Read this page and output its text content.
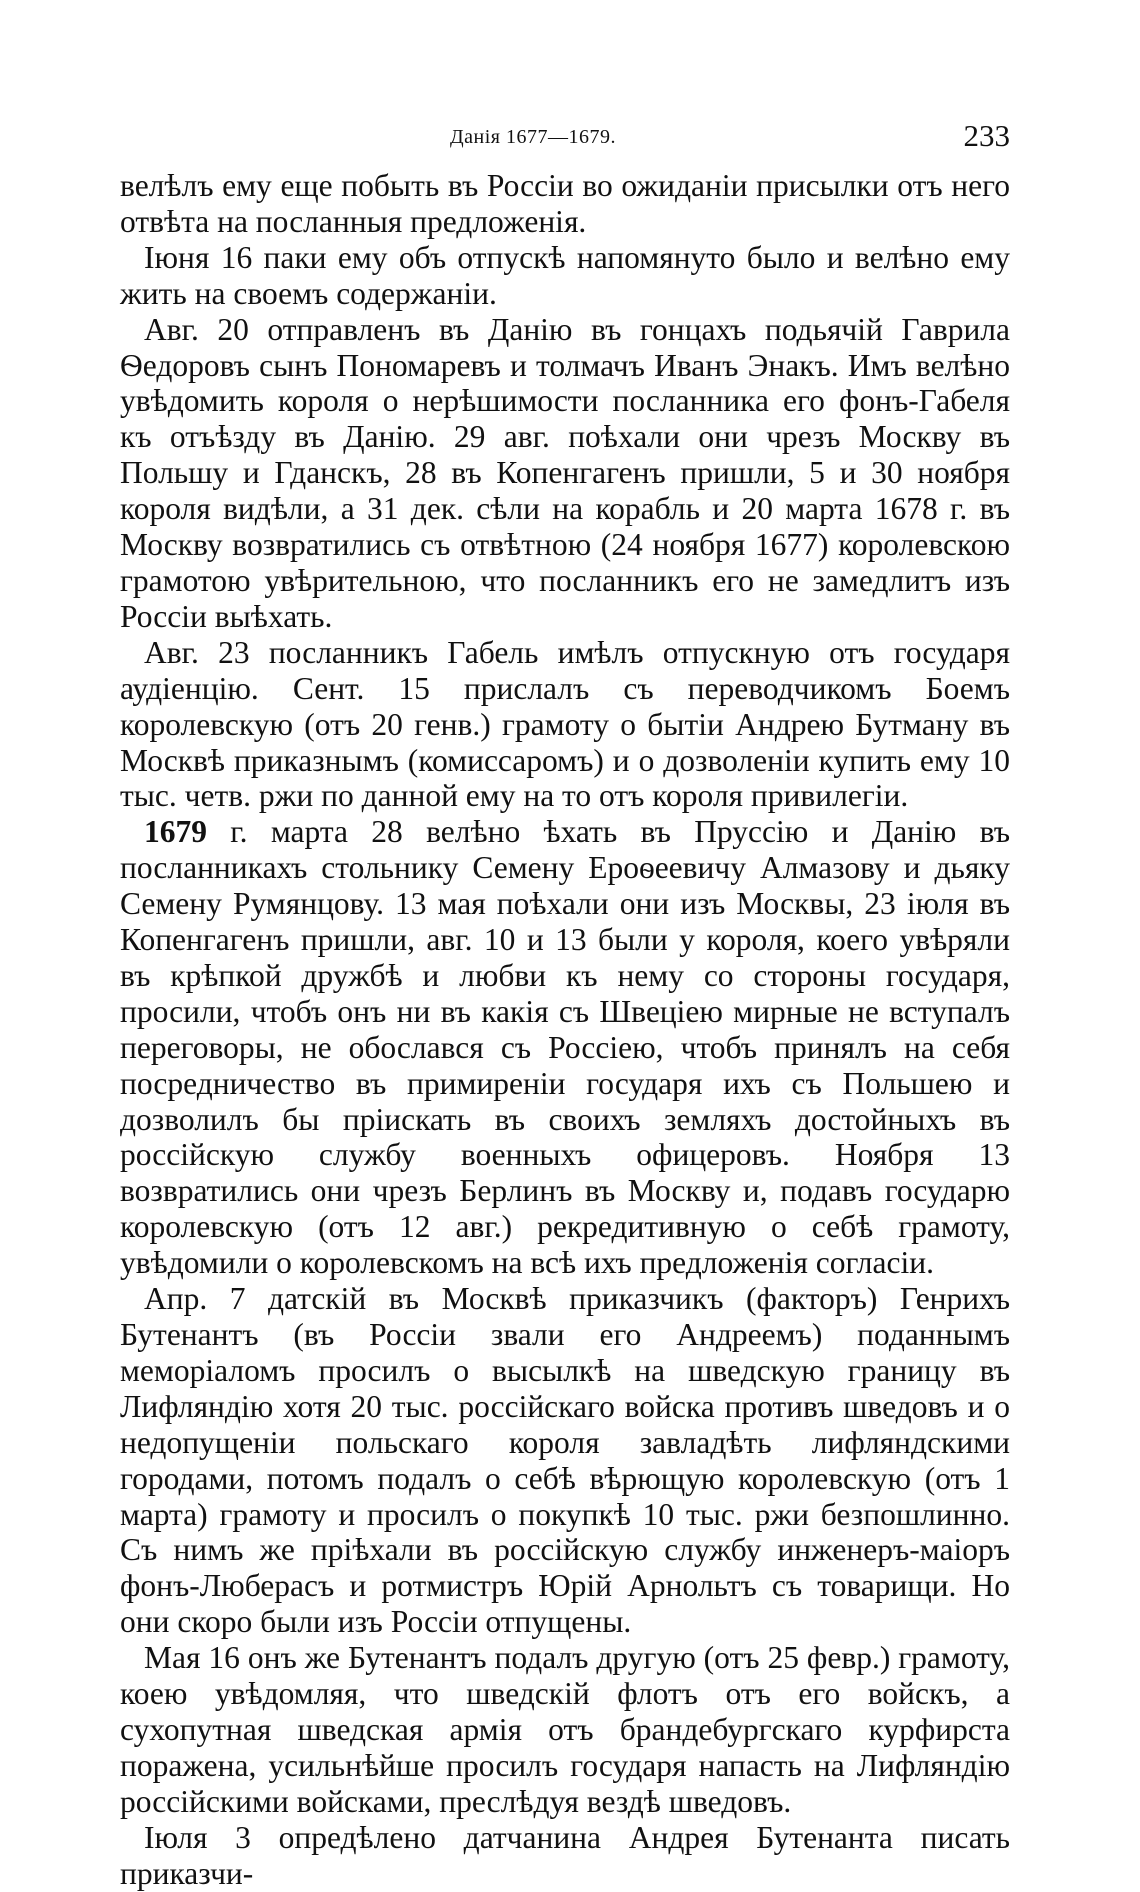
Данія 1677—1679.	233

велѣлъ ему еще побыть въ Россіи во ожиданіи присылки отъ него отвѣта на посланныя предложенія.

Іюня 16 паки ему объ отпускѣ напомянуто было и велѣно ему жить на своемъ содержаніи.

Авг. 20 отправленъ въ Данію въ гонцахъ подьячій Гаврила Ѳедоровъ сынъ Пономаревъ и толмачъ Иванъ Энакъ. Имъ велѣно увѣдомить короля о нерѣшимости посланника его фонъ-Габеля къ отъѣзду въ Данію. 29 авг. поѣхали они чрезъ Москву въ Польшу и Гданскъ, 28 въ Копенгагенъ пришли, 5 и 30 ноября короля видѣли, а 31 дек. сѣли на корабль и 20 марта 1678 г. въ Москву возвратились съ отвѣтною (24 ноября 1677) королевскою грамотою увѣрительною, что посланникъ его не замедлитъ изъ Россіи выѣхать.

Авг. 23 посланникъ Габель имѣлъ отпускную отъ государя аудіенцію. Сент. 15 прислалъ съ переводчикомъ Боемъ королевскую (отъ 20 генв.) грамоту о бытіи Андрею Бутману въ Москвѣ приказнымъ (комиссаромъ) и о дозволеніи купить ему 10 тыс. четв. ржи по данной ему на то отъ короля привилегіи.

1679 г. марта 28 велѣно ѣхать въ Пруссію и Данію въ посланникахъ стольнику Семену Ероѳеевичу Алмазову и дьяку Семену Румянцову. 13 мая поѣхали они изъ Москвы, 23 іюля въ Копенгагенъ пришли, авг. 10 и 13 были у короля, коего увѣряли въ крѣпкой дружбѣ и любви къ нему со стороны государя, просили, чтобъ онъ ни въ какія съ Швеціею мирные не вступалъ переговоры, не обослався съ Россіею, чтобъ принялъ на себя посредничество въ примиреніи государя ихъ съ Польшею и дозволилъ бы пріискать въ своихъ земляхъ достойныхъ въ россійскую службу военныхъ офицеровъ. Ноября 13 возвратились они чрезъ Берлинъ въ Москву и, подавъ государю королевскую (отъ 12 авг.) рекредитивную о себѣ грамоту, увѣдомили о королевскомъ на всѣ ихъ предложенія согласіи.

Апр. 7 датскій въ Москвѣ приказчикъ (факторъ) Генрихъ Бутенантъ (въ Россіи звали его Андреемъ) поданнымъ меморіаломъ просилъ о высылкѣ на шведскую границу въ Лифляндію хотя 20 тыс. россійскаго войска противъ шведовъ и о недопущеніи польскаго короля завладѣть лифляндскими городами, потомъ подалъ о себѣ вѣрющую королевскую (отъ 1 марта) грамоту и просилъ о покупкѣ 10 тыс. ржи безпошлинно. Съ нимъ же пріѣхали въ россійскую службу инженеръ-маіоръ фонъ-Люберасъ и ротмистръ Юрій Арнольтъ съ товарищи. Но они скоро были изъ Россіи отпущены.

Мая 16 онъ же Бутенантъ подалъ другую (отъ 25 февр.) грамоту, коею увѣдомляя, что шведскій флотъ отъ его войскъ, а сухопутная шведская армія отъ брандебургскаго курфирста поражена, усильнѣйше просилъ государя напасть на Лифляндію россійскими войсками, преслѣдуя вездѣ шведовъ.

Іюля 3 опредѣлено датчанина Андрея Бутенанта писать приказчи-
